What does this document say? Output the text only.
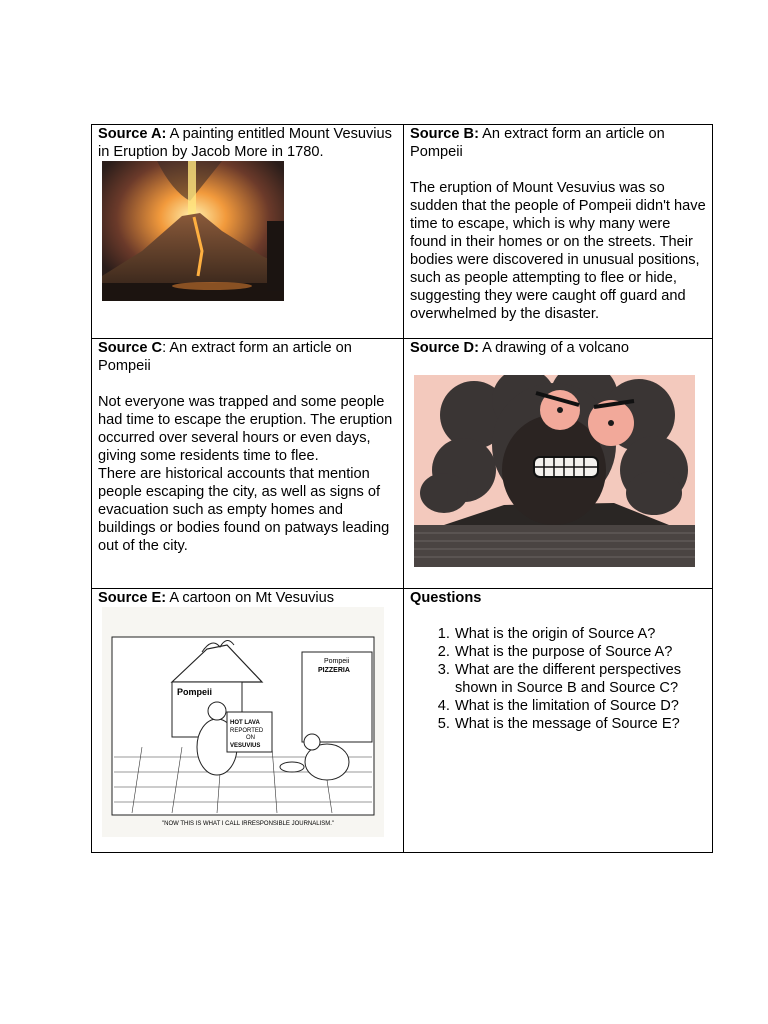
Source A: A painting entitled Mount Vesuvius in Eruption by Jacob More in 1780.

Source B: An extract form an article on Pompeii

The eruption of Mount Vesuvius was so sudden that the people of Pompeii didn't have time to escape, which is why many were found in their homes or on the streets. Their bodies were discovered in unusual positions, such as people attempting to flee or hide, suggesting they were caught off guard and overwhelmed by the disaster.

Source C: An extract form an article on Pompeii

Not everyone was trapped and some people had time to escape the eruption. The eruption occurred over several hours or even days, giving some residents time to flee.

There are historical accounts that mention people escaping the city, as well as signs of evacuation such as empty homes and buildings or bodies found on patways leading out of the city.

Source D: A drawing of a volcano

Source E: A cartoon on Mt Vesuvius

Pompeii
Pompeii
PIZZERIA
HOT LAVA
REPORTED
ON
VESUVIUS
"NOW THIS IS WHAT I CALL IRRESPONSIBLE JOURNALISM."

Questions

1. What is the origin of Source A?
2. What is the purpose of Source A?
3. What are the different perspectives shown in Source B and Source C?
4. What is the limitation of Source D?
5. What is the message of Source E?
